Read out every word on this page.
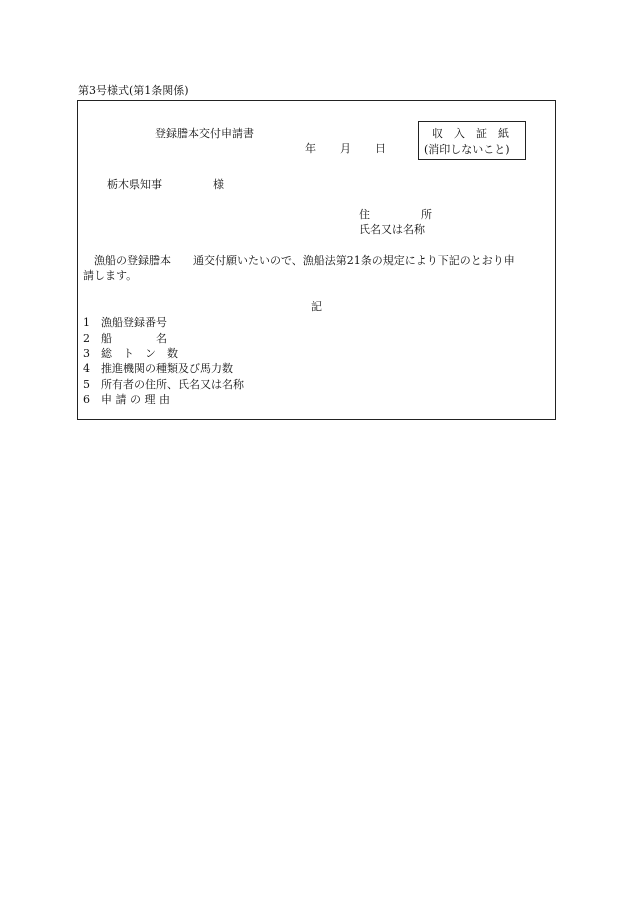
第3号様式(第1条関係)
登録謄本交付申請書
年 月 日
収　入　証　紙
(消印しないこと)
栃木県知事	様
住	所
氏名又は名称
漁船の登録謄本　　通交付願いたいので、漁船法第21条の規定により下記のとおり申
請します。
記
1 漁船登録番号
2 船　　　　名
3 総　ト　ン　数
4 推進機関の種類及び馬力数
5 所有者の住所、氏名又は名称
6 申 請 の 理 由
